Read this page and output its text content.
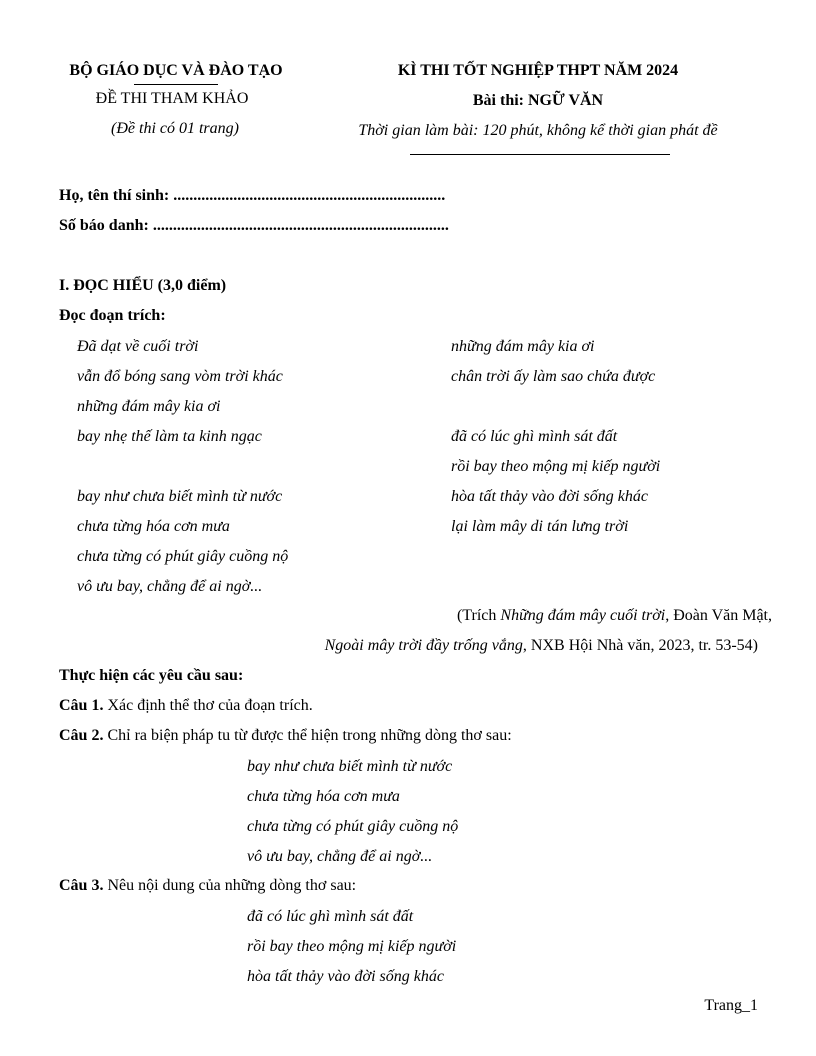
BỘ GIÁO DỤC VÀ ĐÀO TẠO
ĐỀ THI THAM KHẢO
(Đề thi có 01 trang)
KÌ THI TỐT NGHIỆP THPT NĂM 2024
Bài thi: NGỮ VĂN
Thời gian làm bài: 120 phút, không kể thời gian phát đề
Họ, tên thí sinh: ....................................................................
Số báo danh: ..........................................................................
I. ĐỌC HIỂU (3,0 điểm)
Đọc đoạn trích:
Đã dạt về cuối trời
vẫn đổ bóng sang vòm trời khác
những đám mây kia ơi
bay nhẹ thế làm ta kinh ngạc
bay như chưa biết mình từ nước
chưa từng hóa cơn mưa
chưa từng có phút giây cuồng nộ
vô ưu bay, chẳng để ai ngờ...
những đám mây kia ơi
chân trời ấy làm sao chứa được
đã có lúc ghì mình sát đất
rồi bay theo mộng mị kiếp người
hòa tất thảy vào đời sống khác
lại làm mây di tán lưng trời
(Trích Những đám mây cuối trời, Đoàn Văn Mật,
Ngoài mây trời đầy trống vắng, NXB Hội Nhà văn, 2023, tr. 53-54)
Thực hiện các yêu cầu sau:
Câu 1. Xác định thể thơ của đoạn trích.
Câu 2. Chỉ ra biện pháp tu từ được thể hiện trong những dòng thơ sau:
bay như chưa biết mình từ nước
chưa từng hóa cơn mưa
chưa từng có phút giây cuồng nộ
vô ưu bay, chẳng để ai ngờ...
Câu 3. Nêu nội dung của những dòng thơ sau:
đã có lúc ghì mình sát đất
rồi bay theo mộng mị kiếp người
hòa tất thảy vào đời sống khác
Trang_1
